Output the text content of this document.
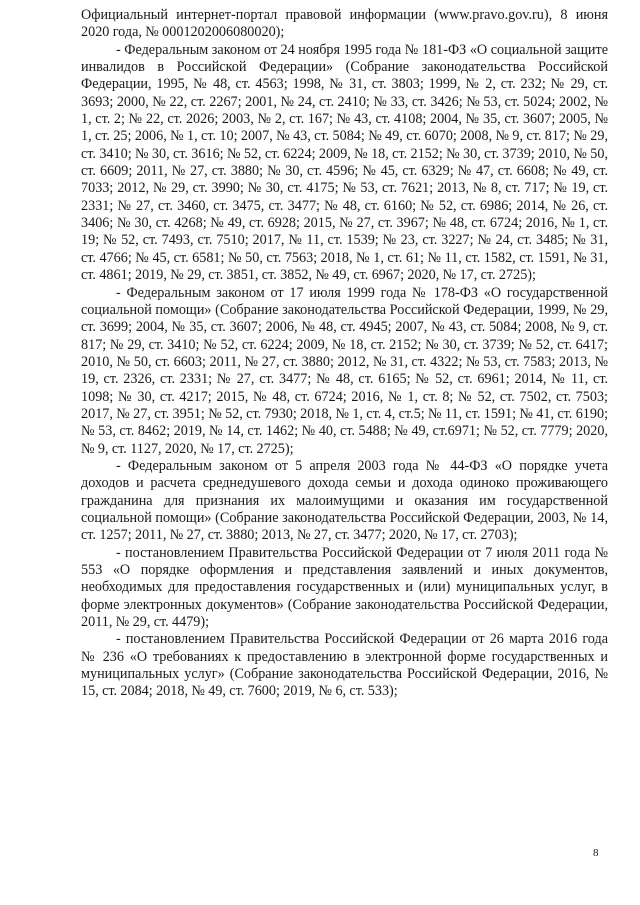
Официальный интернет-портал правовой информации (www.pravo.gov.ru), 8 июня 2020 года, № 0001202006080020);

- Федеральным законом от 24 ноября 1995 года № 181-ФЗ «О социальной защите инвалидов в Российской Федерации» (Собрание законодательства Российской Федерации, 1995, № 48, ст. 4563; 1998, № 31, ст. 3803; 1999, № 2, ст. 232; № 29, ст. 3693; 2000, № 22, ст. 2267; 2001, № 24, ст. 2410; № 33, ст. 3426; № 53, ст. 5024; 2002, № 1, ст. 2; № 22, ст. 2026; 2003, № 2, ст. 167; № 43, ст. 4108; 2004, № 35, ст. 3607; 2005, № 1, ст. 25; 2006, № 1, ст. 10; 2007, № 43, ст. 5084; № 49, ст. 6070; 2008, № 9, ст. 817; № 29, ст. 3410; № 30, ст. 3616; № 52, ст. 6224; 2009, № 18, ст. 2152; № 30, ст. 3739; 2010, № 50, ст. 6609; 2011, № 27, ст. 3880; № 30, ст. 4596; № 45, ст. 6329; № 47, ст. 6608; № 49, ст. 7033; 2012, № 29, ст. 3990; № 30, ст. 4175; № 53, ст. 7621; 2013, № 8, ст. 717; № 19, ст. 2331; № 27, ст. 3460, ст. 3475, ст. 3477; № 48, ст. 6160; № 52, ст. 6986; 2014, № 26, ст. 3406; № 30, ст. 4268; № 49, ст. 6928; 2015, № 27, ст. 3967; № 48, ст. 6724; 2016, № 1, ст. 19; № 52, ст. 7493, ст. 7510; 2017, № 11, ст. 1539; № 23, ст. 3227; № 24, ст. 3485; № 31, ст. 4766; № 45, ст. 6581; № 50, ст. 7563; 2018, № 1, ст. 61; № 11, ст. 1582, ст. 1591, № 31, ст. 4861; 2019, № 29, ст. 3851, ст. 3852, № 49, ст. 6967; 2020, № 17, ст. 2725);

- Федеральным законом от 17 июля 1999 года № 178-ФЗ «О государственной социальной помощи» (Собрание законодательства Российской Федерации, 1999, № 29, ст. 3699; 2004, № 35, ст. 3607; 2006, № 48, ст. 4945; 2007, № 43, ст. 5084; 2008, № 9, ст. 817; № 29, ст. 3410; № 52, ст. 6224; 2009, № 18, ст. 2152; № 30, ст. 3739; № 52, ст. 6417; 2010, № 50, ст. 6603; 2011, № 27, ст. 3880; 2012, № 31, ст. 4322; № 53, ст. 7583; 2013, № 19, ст. 2326, ст. 2331; № 27, ст. 3477; № 48, ст. 6165; № 52, ст. 6961; 2014, № 11, ст. 1098; № 30, ст. 4217; 2015, № 48, ст. 6724; 2016, № 1, ст. 8; № 52, ст. 7502, ст. 7503; 2017, № 27, ст. 3951; № 52, ст. 7930; 2018, № 1, ст. 4, ст.5; № 11, ст. 1591; № 41, ст. 6190; № 53, ст. 8462; 2019, № 14, ст. 1462; № 40, ст. 5488; № 49, ст.6971; № 52, ст. 7779; 2020, № 9, ст. 1127, 2020, № 17, ст. 2725);

- Федеральным законом от 5 апреля 2003 года № 44-ФЗ «О порядке учета доходов и расчета среднедушевого дохода семьи и дохода одиноко проживающего гражданина для признания их малоимущими и оказания им государственной социальной помощи» (Собрание законодательства Российской Федерации, 2003, № 14, ст. 1257; 2011, № 27, ст. 3880; 2013, № 27, ст. 3477; 2020, № 17, ст. 2703);

- постановлением Правительства Российской Федерации от 7 июля 2011 года № 553 «О порядке оформления и представления заявлений и иных документов, необходимых для предоставления государственных и (или) муниципальных услуг, в форме электронных документов» (Собрание законодательства Российской Федерации, 2011, № 29, ст. 4479);

- постановлением Правительства Российской Федерации от 26 марта 2016 года № 236 «О требованиях к предоставлению в электронной форме государственных и муниципальных услуг» (Собрание законодательства Российской Федерации, 2016, № 15, ст. 2084; 2018, № 49, ст. 7600; 2019, № 6, ст. 533);

8
